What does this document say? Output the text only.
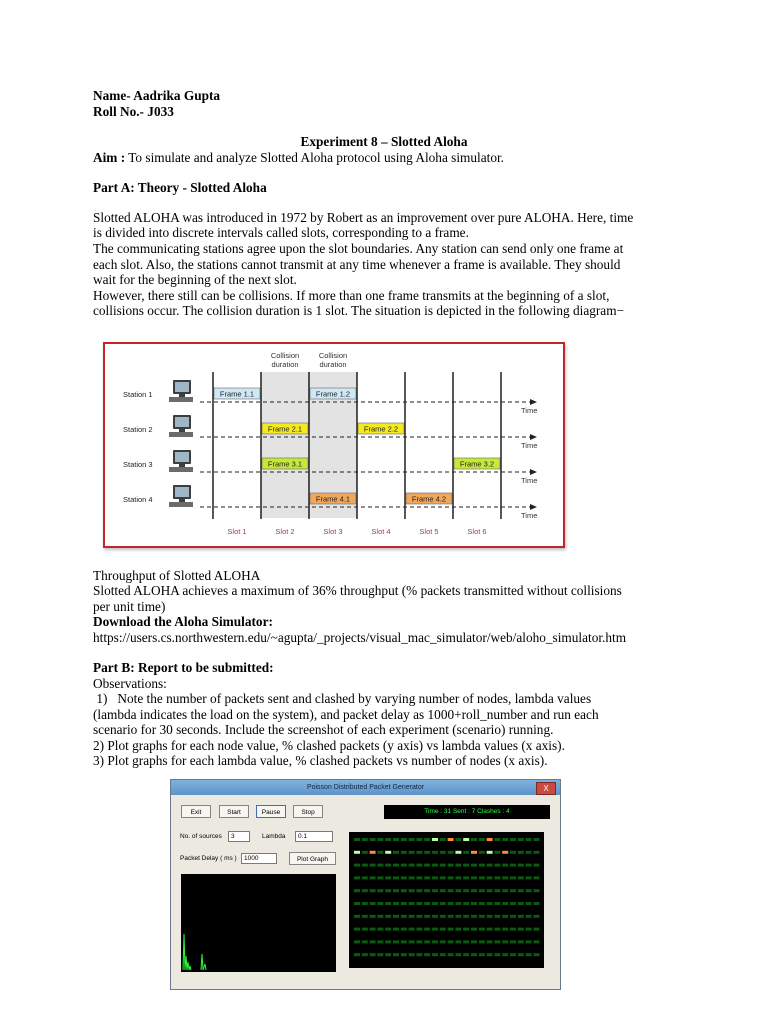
Name- Aadrika Gupta
Roll No.- J033
Experiment 8 – Slotted Aloha
Aim : To simulate and analyze Slotted Aloha protocol using Aloha simulator.
Part A: Theory - Slotted Aloha
Slotted ALOHA was introduced in 1972 by Robert as an improvement over pure ALOHA. Here, time
is divided into discrete intervals called slots, corresponding to a frame.
The communicating stations agree upon the slot boundaries. Any station can send only one frame at
each slot. Also, the stations cannot transmit at any time whenever a frame is available. They should
wait for the beginning of the next slot.
However, there still can be collisions. If more than one frame transmits at the beginning of a slot,
collisions occur. The collision duration is 1 slot. The situation is depicted in the following diagram−
Collision
duration
Collision
duration
Time
Time
Time
Time
Station 1
Station 2
Station 3
Station 4
Frame 1.1	Frame 1.2
Frame 2.1	Frame 2.2
Frame 3.1	Frame 3.2
Frame 4.1	Frame 4.2
Slot 1	Slot 2	Slot 3	Slot 4	Slot 5	Slot 6
Throughput of Slotted ALOHA
Slotted ALOHA achieves a maximum of 36% throughput (% packets transmitted without collisions
per unit time)
Download the Aloha Simulator:
https://users.cs.northwestern.edu/~agupta/_projects/visual_mac_simulator/web/aloho_simulator.htm
Part B: Report to be submitted:
Observations:
1)   Note the number of packets sent and clashed by varying number of nodes, lambda values
(lambda indicates the load on the system), and packet delay as 1000+roll_number and run each
scenario for 30 seconds. Include the screenshot of each experiment (scenario) running.
2) Plot graphs for each node value, % clashed packets (y axis) vs lambda values (x axis).
3) Plot graphs for each lambda value, % clashed packets vs number of nodes (x axis).
Poisson Distributed Packet Generator	X
Exit	Start	Pause	Stop
No. of sources	3	Lambda	0.1
Packet Delay ( ms )	1000	Plot Graph
Time : 31 Sent : 7 Clashes : 4
